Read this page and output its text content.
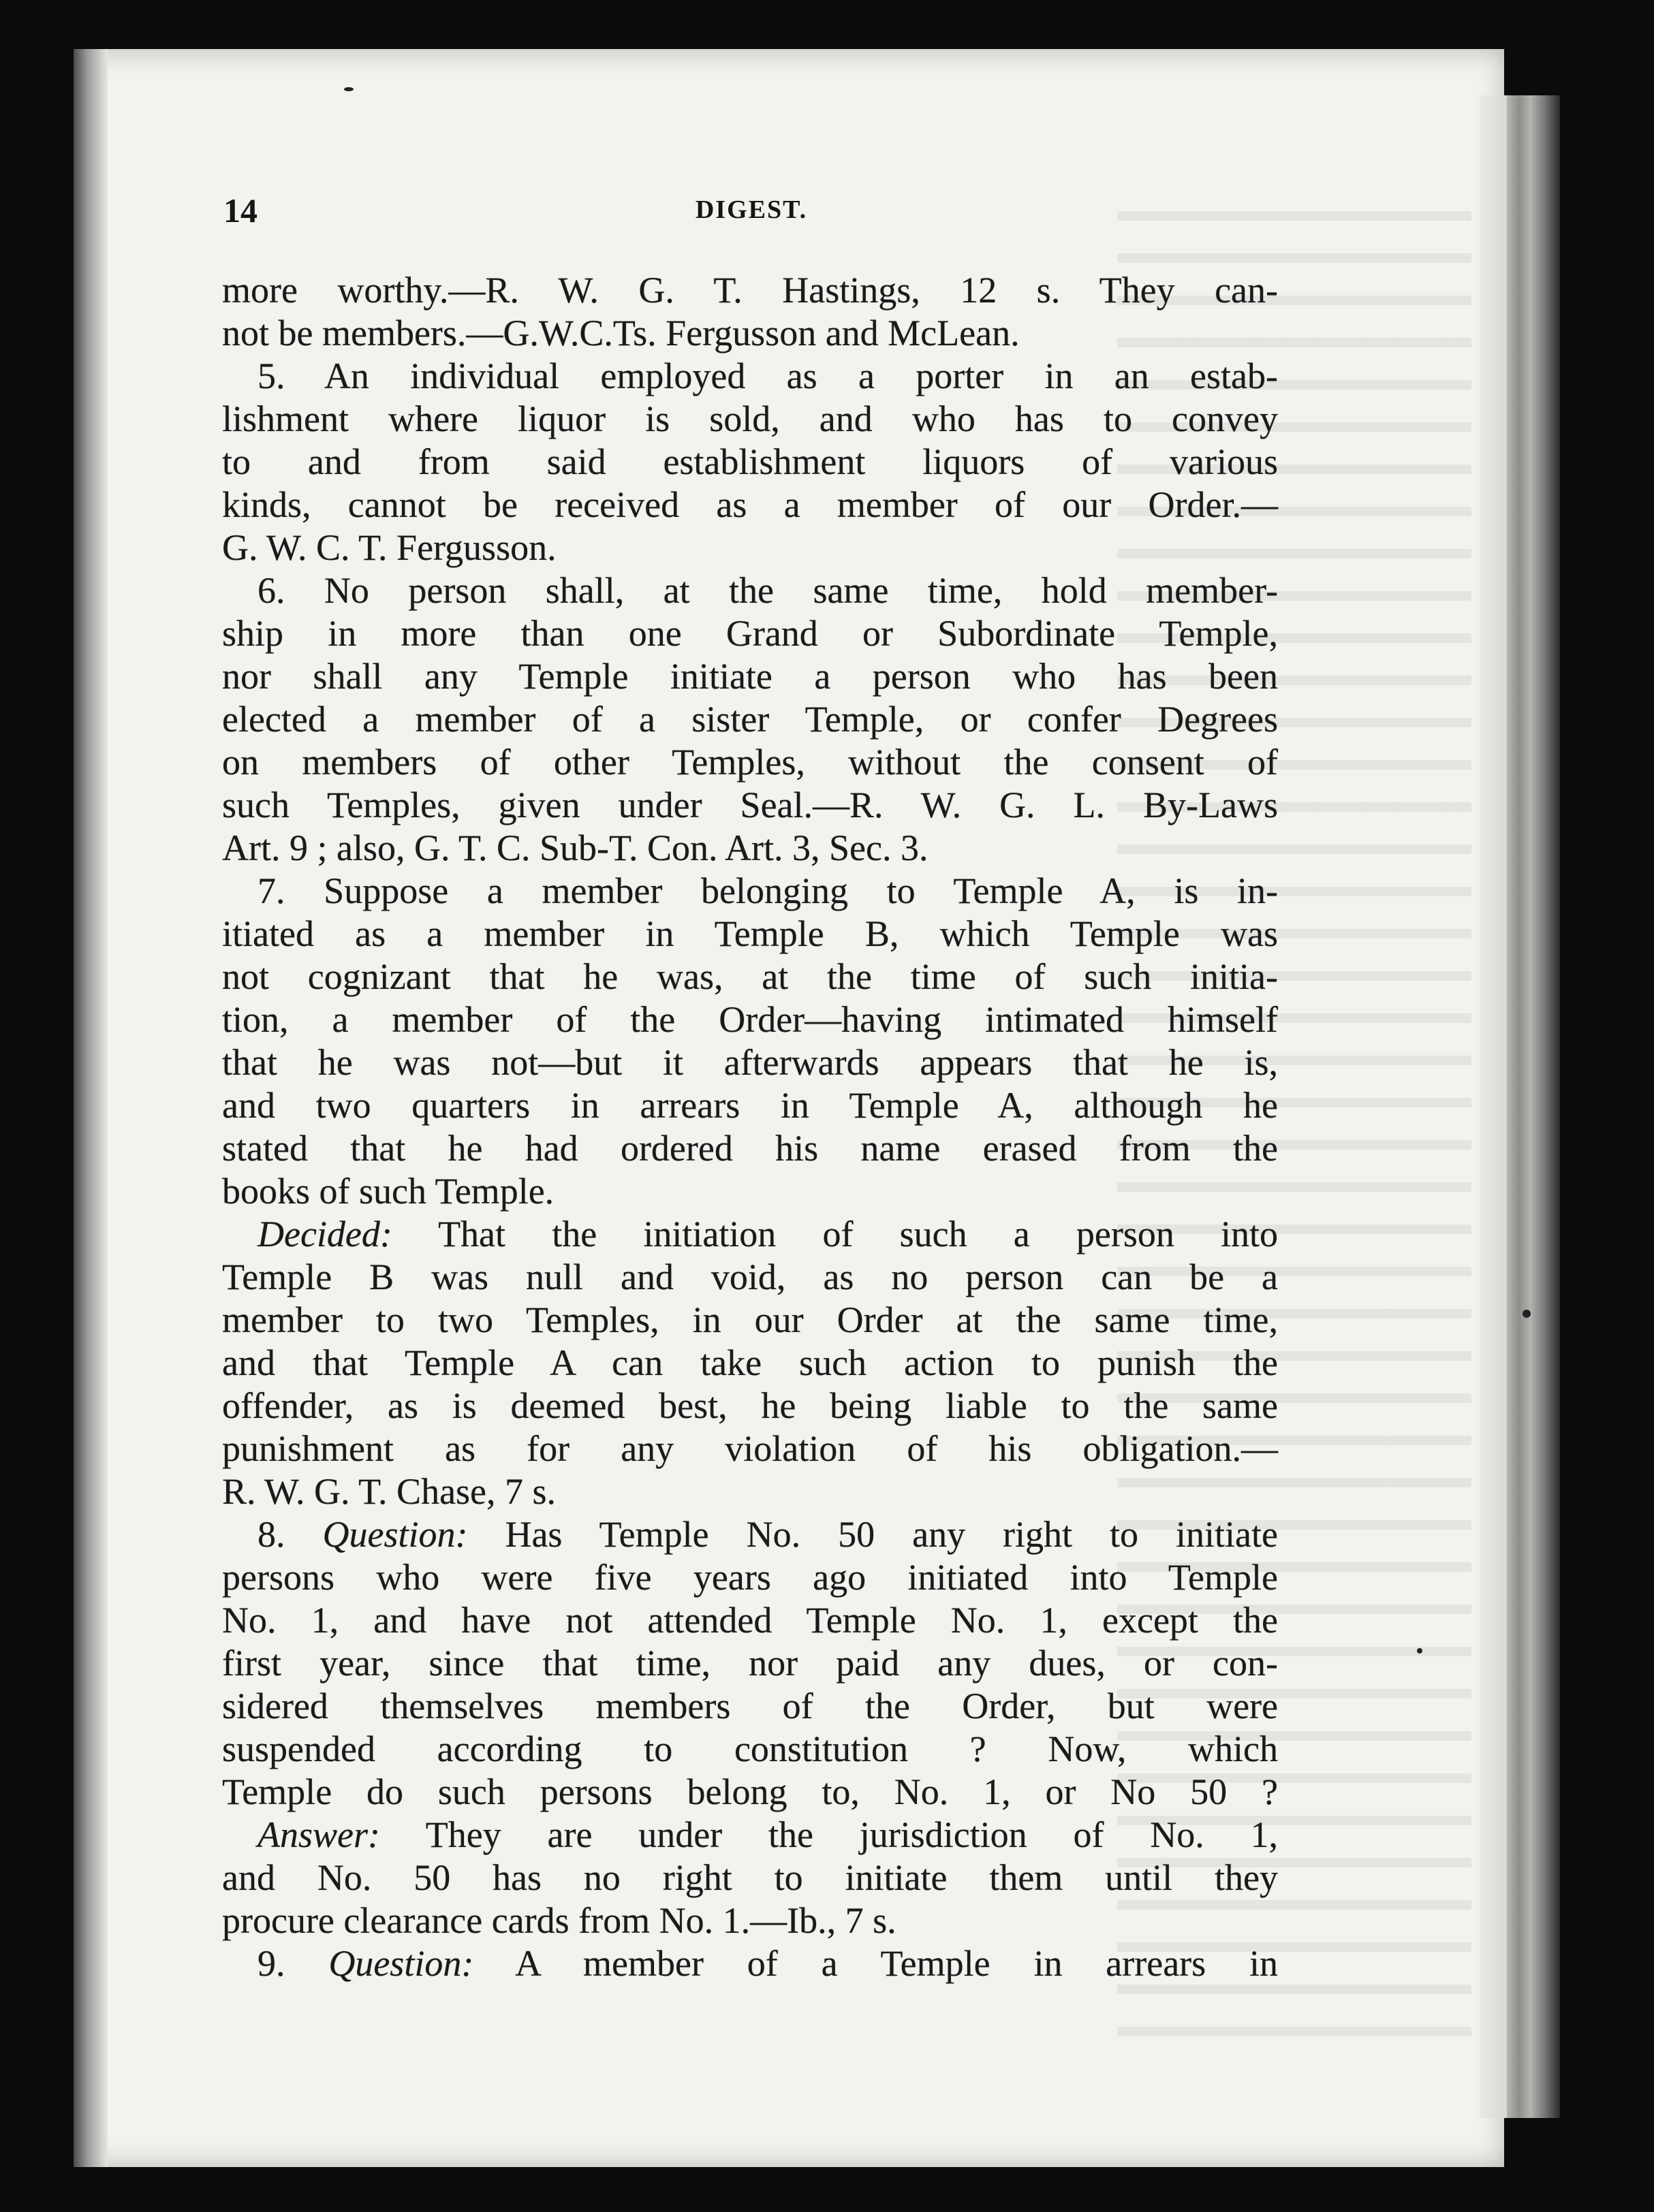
14	DIGEST.
more worthy.—R. W. G. T. Hastings, 12 s. They can-
not be members.—G.W.C.Ts. Fergusson and McLean.
5. An individual employed as a porter in an estab-
lishment where liquor is sold, and who has to convey
to and from said establishment liquors of various
kinds, cannot be received as a member of our Order.—
G. W. C. T. Fergusson.
6. No person shall, at the same time, hold member-
ship in more than one Grand or Subordinate Temple,
nor shall any Temple initiate a person who has been
elected a member of a sister Temple, or confer Degrees
on members of other Temples, without the consent of
such Temples, given under Seal.—R. W. G. L. By-Laws
Art. 9 ; also, G. T. C. Sub-T. Con. Art. 3, Sec. 3.
7. Suppose a member belonging to Temple A, is in-
itiated as a member in Temple B, which Temple was
not cognizant that he was, at the time of such initia-
tion, a member of the Order—having intimated himself
that he was not—but it afterwards appears that he is,
and two quarters in arrears in Temple A, although he
stated that he had ordered his name erased from the
books of such Temple.
Decided: That the initiation of such a person into
Temple B was null and void, as no person can be a
member to two Temples, in our Order at the same time,
and that Temple A can take such action to punish the
offender, as is deemed best, he being liable to the same
punishment as for any violation of his obligation.—
R. W. G. T. Chase, 7 s.
8. Question: Has Temple No. 50 any right to initiate
persons who were five years ago initiated into Temple
No. 1, and have not attended Temple No. 1, except the
first year, since that time, nor paid any dues, or con-
sidered themselves members of the Order, but were
suspended according to constitution ? Now, which
Temple do such persons belong to, No. 1, or No 50 ?
Answer: They are under the jurisdiction of No. 1,
and No. 50 has no right to initiate them until they
procure clearance cards from No. 1.—Ib., 7 s.
9. Question: A member of a Temple in arrears in
